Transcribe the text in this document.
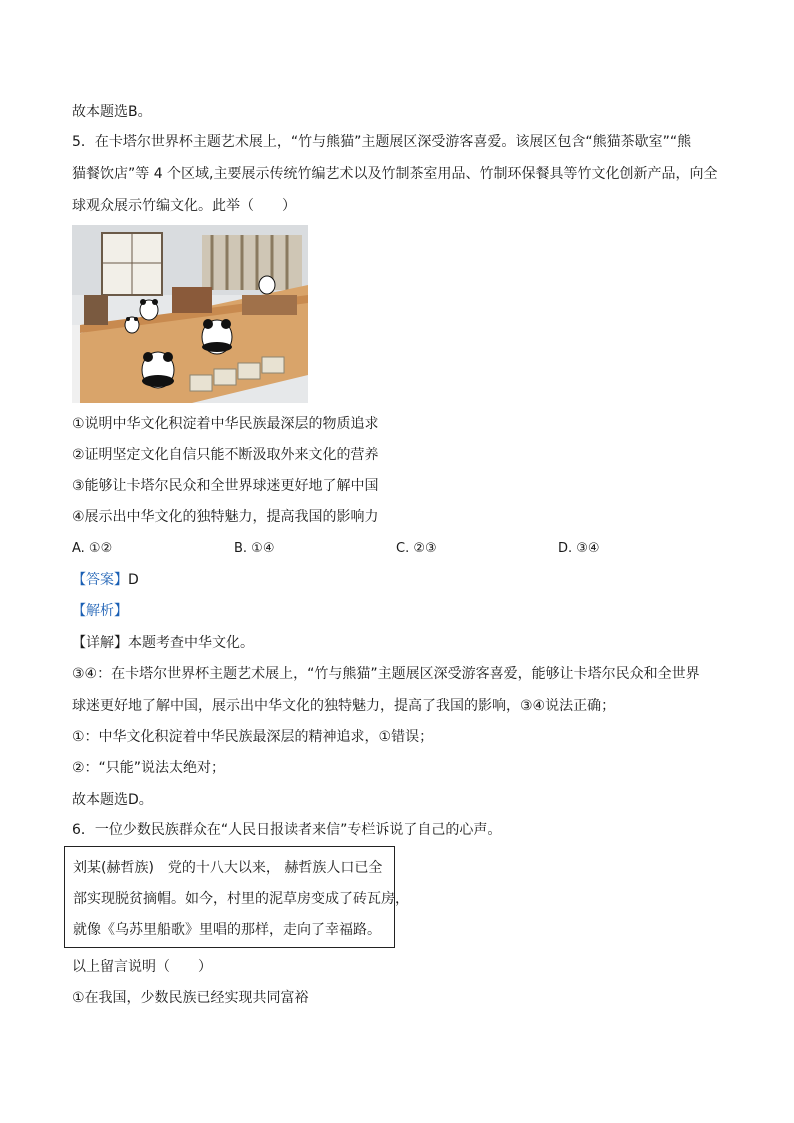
故本题选B。
5．在卡塔尔世界杯主题艺术展上，“竹与熊猫”主题展区深受游客喜爱。该展区包含“熊猫茶歇室”“熊
猫餐饮店”等 4 个区域,主要展示传统竹编艺术以及竹制茶室用品、竹制环保餐具等竹文化创新产品，向全
球观众展示竹编文化。此举（　　）
①说明中华文化积淀着中华民族最深层的物质追求
②证明坚定文化自信只能不断汲取外来文化的营养
③能够让卡塔尔民众和全世界球迷更好地了解中国
④展示出中华文化的独特魅力，提高我国的影响力
A. ①②	B. ①④	C. ②③	D. ③④
【答案】D
【解析】
【详解】本题考查中华文化。
③④：在卡塔尔世界杯主题艺术展上，“竹与熊猫”主题展区深受游客喜爱，能够让卡塔尔民众和全世界
球迷更好地了解中国，展示出中华文化的独特魅力，提高了我国的影响，③④说法正确；
①：中华文化积淀着中华民族最深层的精神追求，①错误；
②：“只能”说法太绝对；
故本题选D。
6．一位少数民族群众在“人民日报读者来信”专栏诉说了自己的心声。
刘某(赫哲族)　党的十八大以来， 赫哲族人口已全
部实现脱贫摘帽。如今，村里的泥草房变成了砖瓦房，
就像《乌苏里船歌》里唱的那样，走向了幸福路。
以上留言说明（　　）
①在我国，少数民族已经实现共同富裕
